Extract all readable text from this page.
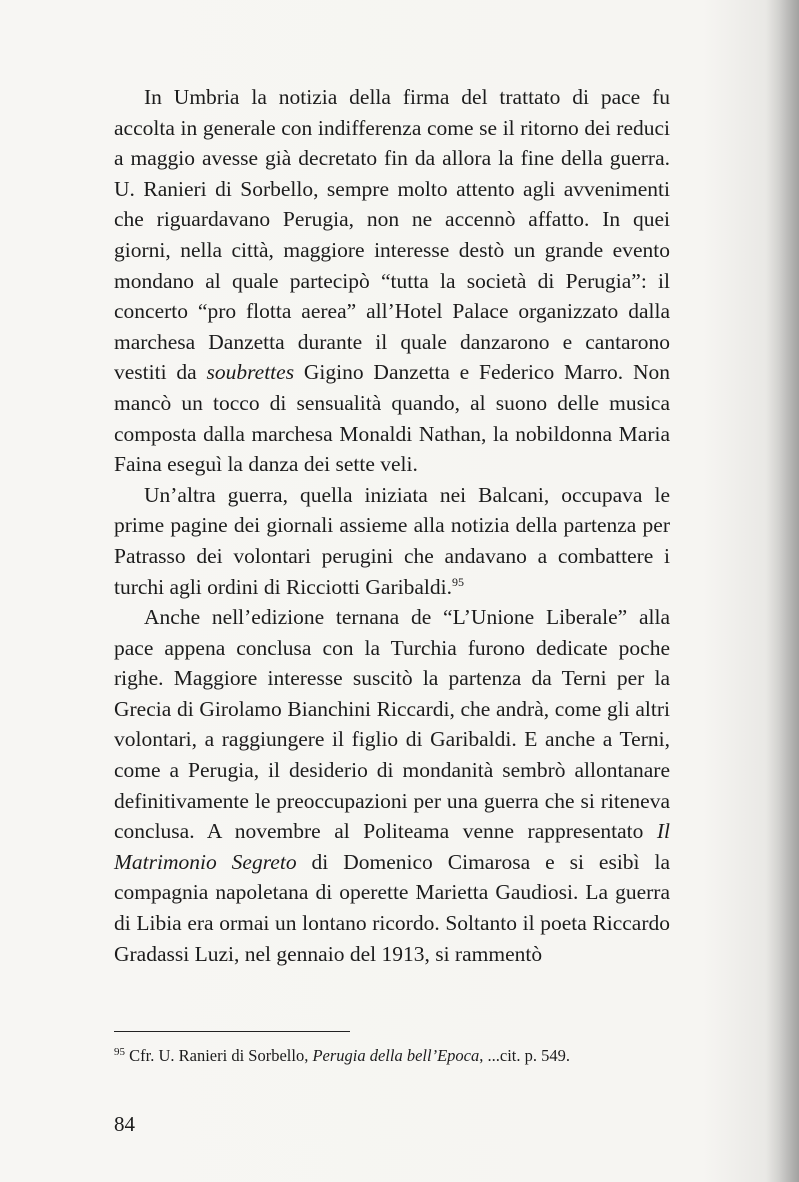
In Umbria la notizia della firma del trattato di pace fu accolta in generale con indifferenza come se il ritorno dei reduci a maggio avesse già decretato fin da allora la fine della guerra. U. Ranieri di Sorbello, sempre molto attento agli avvenimenti che riguardavano Perugia, non ne accennò affatto. In quei giorni, nella città, maggiore interesse destò un grande evento mondano al quale partecipò “tutta la società di Perugia”: il concerto “pro flotta aerea” all’Hotel Palace organizzato dalla marchesa Danzetta durante il quale danzarono e cantarono vestiti da soubrettes Gigino Danzetta e Federico Marro. Non mancò un tocco di sensualità quando, al suono delle musica composta dalla marchesa Monaldi Nathan, la nobildonna Maria Faina eseguì la danza dei sette veli.

Un’altra guerra, quella iniziata nei Balcani, occupava le prime pagine dei giornali assieme alla notizia della partenza per Patrasso dei volontari perugini che andavano a combattere i turchi agli ordini di Ricciotti Garibaldi.$^{95}$

Anche nell’edizione ternana de “L’Unione Liberale” alla pace appena conclusa con la Turchia furono dedicate poche righe. Maggiore interesse suscitò la partenza da Terni per la Grecia di Girolamo Bianchini Riccardi, che andrà, come gli altri volontari, a raggiungere il figlio di Garibaldi. E anche a Terni, come a Perugia, il desiderio di mondanità sembrò allontanare definitivamente le preoccupazioni per una guerra che si riteneva conclusa. A novembre al Politeama venne rappresentato Il Matrimonio Segreto di Domenico Cimarosa e si esibì la compagnia napoletana di operette Marietta Gaudiosi. La guerra di Libia era ormai un lontano ricordo. Soltanto il poeta Riccardo Gradassi Luzi, nel gennaio del 1913, si rammentò

$^{95}$ Cfr. U. Ranieri di Sorbello, Perugia della bell’Epoca, ...cit. p. 549.
84
